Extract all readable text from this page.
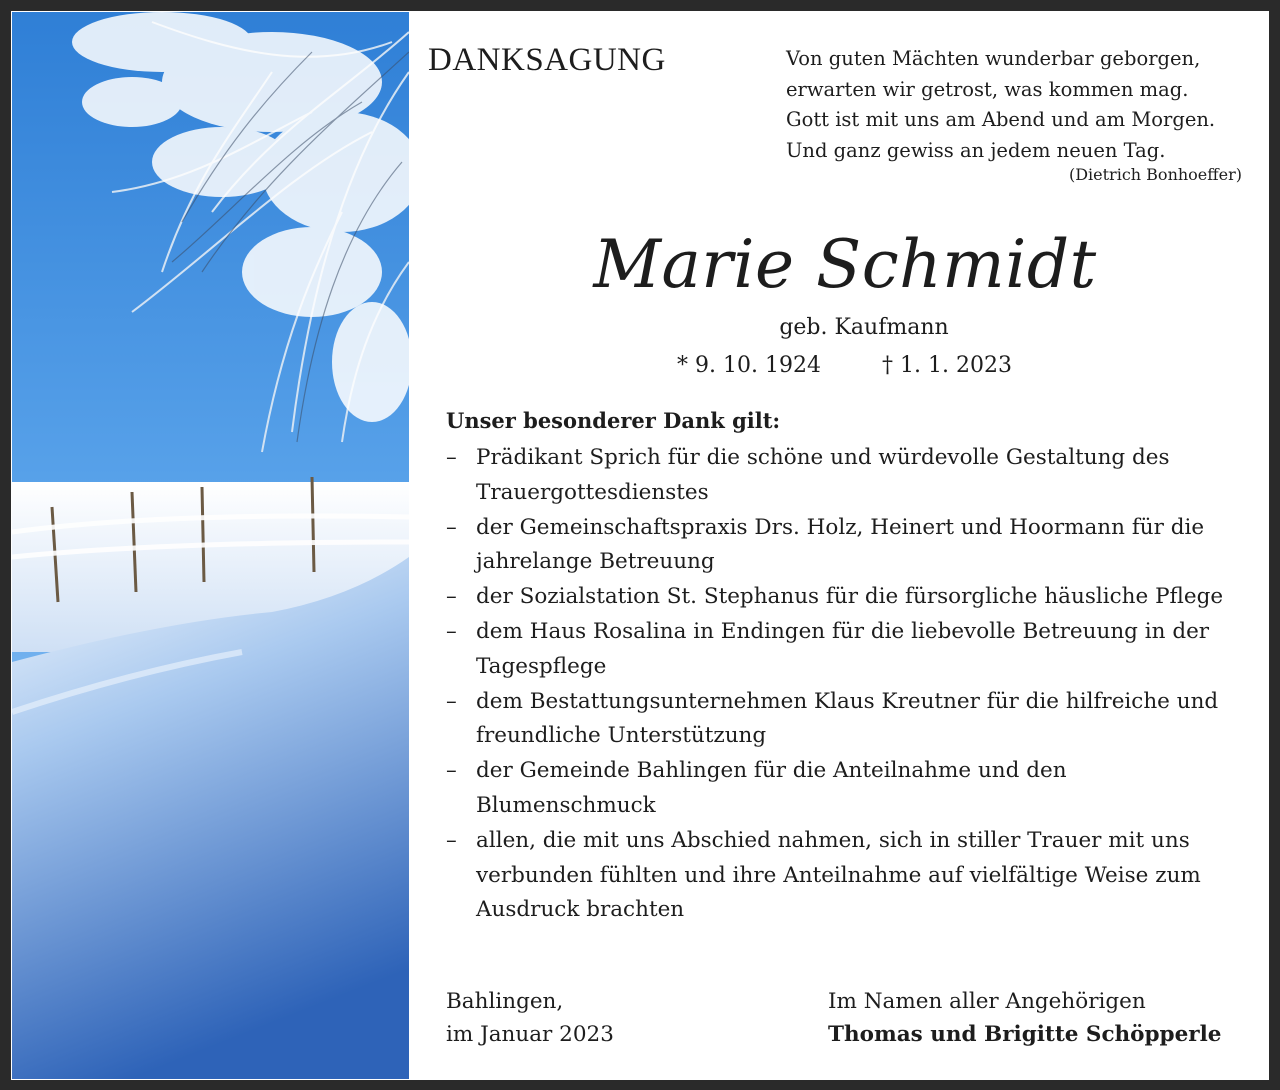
DANKSAGUNG	Von guten Mächten wunderbar geborgen,
erwarten wir getrost, was kommen mag.
Gott ist mit uns am Abend und am Morgen.
Und ganz gewiss an jedem neuen Tag.
(Dietrich Bonhoeffer)
Marie Schmidt
geb. Kaufmann
* 9. 10. 1924	† 1. 1. 2023
Unser besonderer Dank gilt:
– Prädikant Sprich für die schöne und würdevolle Gestaltung des Trauergottesdienstes
– der Gemeinschaftspraxis Drs. Holz, Heinert und Hoormann für die jahrelange Betreuung
– der Sozialstation St. Stephanus für die fürsorgliche häusliche Pflege
– dem Haus Rosalina in Endingen für die liebevolle Betreuung in der Tagespflege
– dem Bestattungsunternehmen Klaus Kreutner für die hilfreiche und freundliche Unterstützung
– der Gemeinde Bahlingen für die Anteilnahme und den Blumenschmuck
– allen, die mit uns Abschied nahmen, sich in stiller Trauer mit uns verbunden fühlten und ihre Anteilnahme auf vielfältige Weise zum Ausdruck brachten
Bahlingen,
im Januar 2023
Im Namen aller Angehörigen
Thomas und Brigitte Schöpperle
